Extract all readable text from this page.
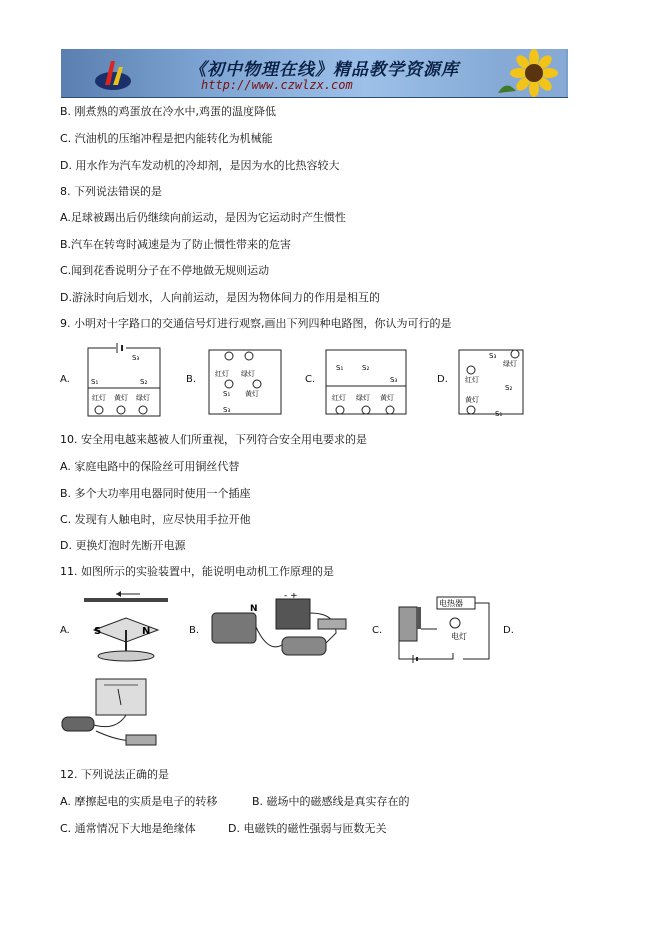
《初中物理在线》精品教学资源库
http://www.czwlzx.com
B. 刚煮熟的鸡蛋放在冷水中,鸡蛋的温度降低
C. 汽油机的压缩冲程是把内能转化为机械能
D. 用水作为汽车发动机的冷却剂，是因为水的比热容较大
8. 下列说法错误的是
A.足球被踢出后仍继续向前运动，是因为它运动时产生惯性
B.汽车在转弯时减速是为了防止惯性带来的危害
C.闻到花香说明分子在不停地做无规则运动
D.游泳时向后划水，人向前运动，是因为物体间力的作用是相互的
9. 小明对十字路口的交通信号灯进行观察,画出下列四种电路图，你认为可行的是
A.
S₃
S₁	S₂
红灯 黄灯 绿灯
B.	红灯 绿灯
S₁ 黄灯
S₃
C.
S₁	S₂
S₃
红灯 绿灯 黄灯
D.
S₃
绿灯
红灯
S₂
黄灯
S₁
10. 安全用电越来越被人们所重视，下列符合安全用电要求的是
A. 家庭电路中的保险丝可用铜丝代替
B. 多个大功率用电器同时使用一个插座
C. 发现有人触电时，应尽快用手拉开他
D. 更换灯泡时先断开电源
11. 如图所示的实验装置中，能说明电动机工作原理的是
A. S	N	B.
N
- +
C.
电热器
电灯
D.
12. 下列说法正确的是
A. 摩擦起电的实质是电子的转移	B. 磁场中的磁感线是真实存在的
C. 通常情况下大地是绝缘体	D. 电磁铁的磁性强弱与匝数无关
